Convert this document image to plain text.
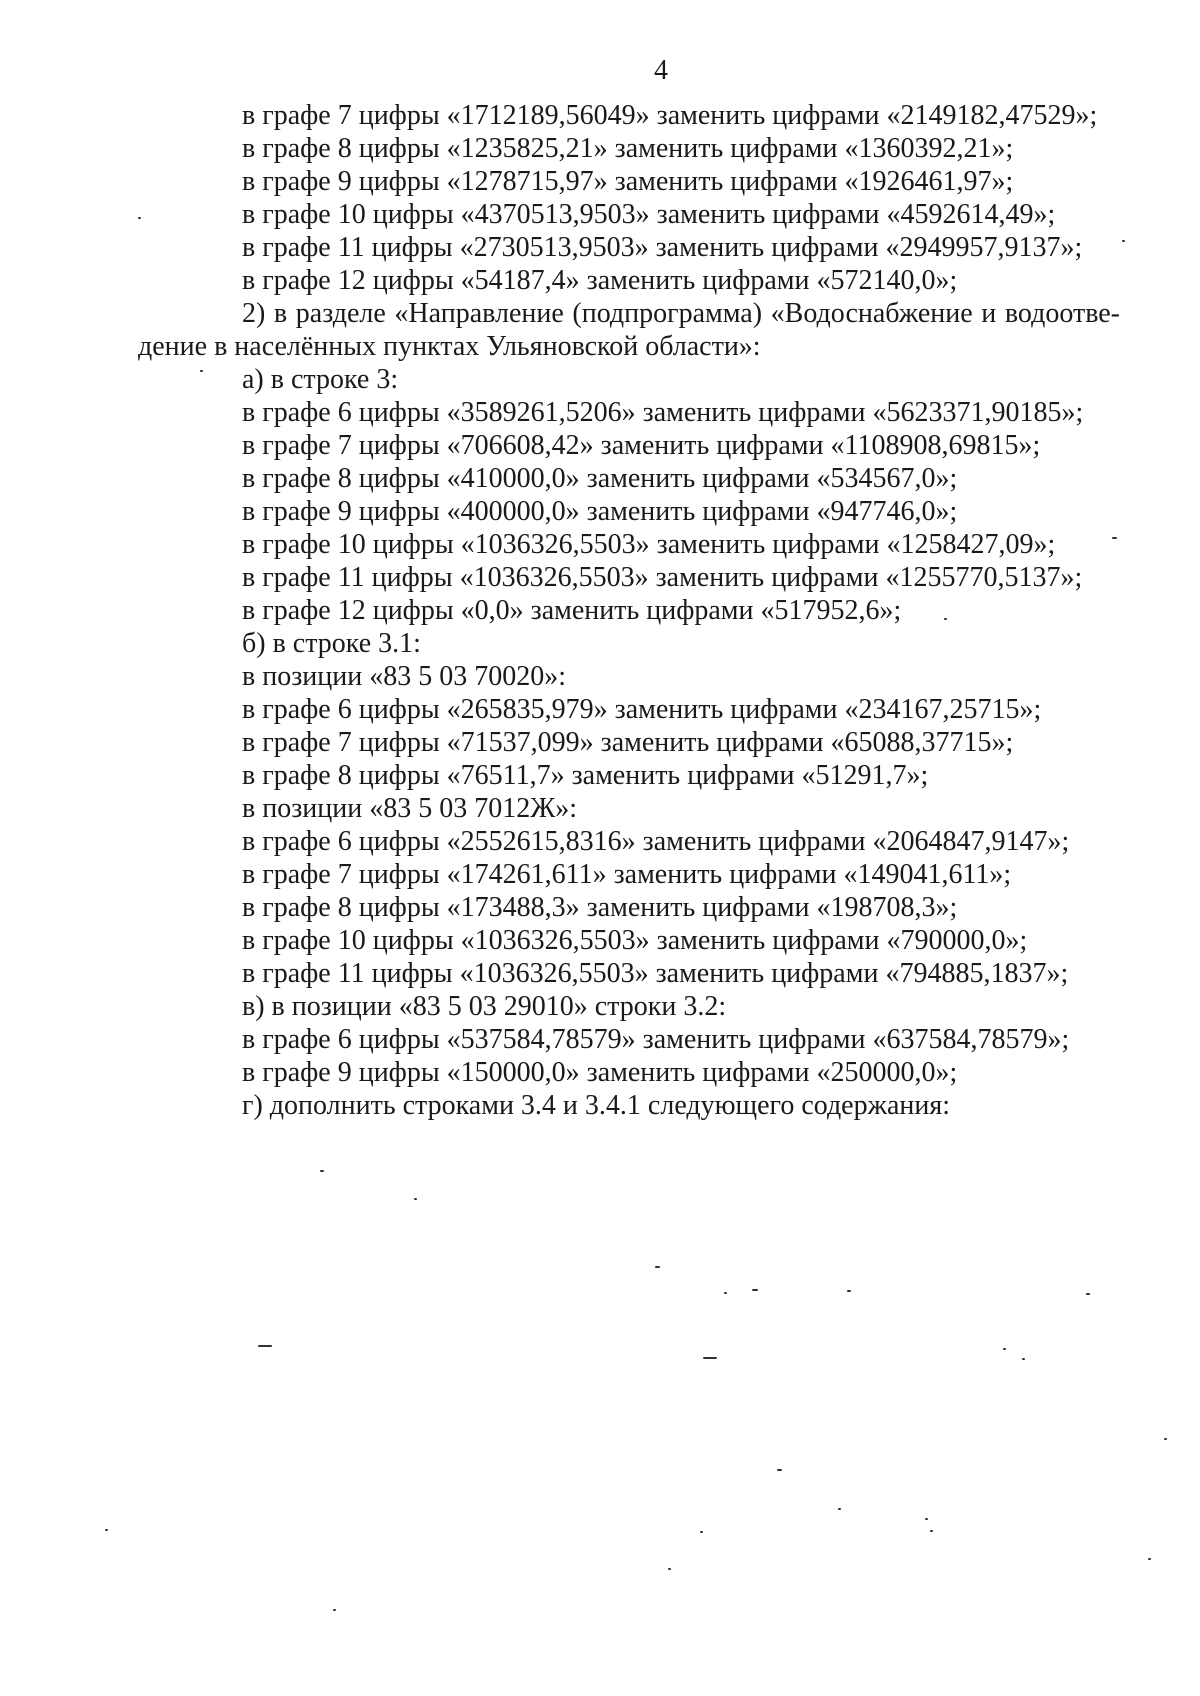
4
в графе 7 цифры «1712189,56049» заменить цифрами «2149182,47529»;
в графе 8 цифры «1235825,21» заменить цифрами «1360392,21»;
в графе 9 цифры «1278715,97» заменить цифрами «1926461,97»;
в графе 10 цифры «4370513,9503» заменить цифрами «4592614,49»;
в графе 11 цифры «2730513,9503» заменить цифрами «2949957,9137»;
в графе 12 цифры «54187,4» заменить цифрами «572140,0»;
2) в разделе «Направление (подпрограмма) «Водоснабжение и водоотве-
дение в населённых пунктах Ульяновской области»:
а) в строке 3:
в графе 6 цифры «3589261,5206» заменить цифрами «5623371,90185»;
в графе 7 цифры «706608,42» заменить цифрами «1108908,69815»;
в графе 8 цифры «410000,0» заменить цифрами «534567,0»;
в графе 9 цифры «400000,0» заменить цифрами «947746,0»;
в графе 10 цифры «1036326,5503» заменить цифрами «1258427,09»;
в графе 11 цифры «1036326,5503» заменить цифрами «1255770,5137»;
в графе 12 цифры «0,0» заменить цифрами «517952,6»;
б) в строке 3.1:
в позиции «83 5 03 70020»:
в графе 6 цифры «265835,979» заменить цифрами «234167,25715»;
в графе 7 цифры «71537,099» заменить цифрами «65088,37715»;
в графе 8 цифры «76511,7» заменить цифрами «51291,7»;
в позиции «83 5 03 7012Ж»:
в графе 6 цифры «2552615,8316» заменить цифрами «2064847,9147»;
в графе 7 цифры «174261,611» заменить цифрами «149041,611»;
в графе 8 цифры «173488,3» заменить цифрами «198708,3»;
в графе 10 цифры «1036326,5503» заменить цифрами «790000,0»;
в графе 11 цифры «1036326,5503» заменить цифрами «794885,1837»;
в) в позиции «83 5 03 29010» строки 3.2:
в графе 6 цифры «537584,78579» заменить цифрами «637584,78579»;
в графе 9 цифры «150000,0» заменить цифрами «250000,0»;
г) дополнить строками 3.4 и 3.4.1 следующего содержания:
